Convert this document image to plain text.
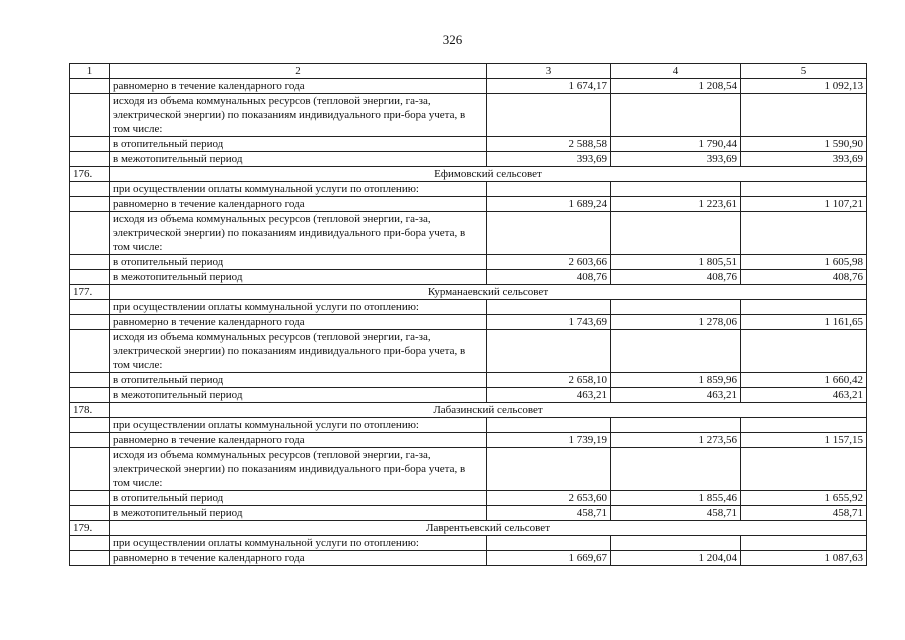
326
1	2	3	4	5
	равномерно в течение календарного года	1 674,17	1 208,54	1 092,13
	исходя из объема коммунальных ресурсов (тепловой энергии, га-за, электрической энергии) по показаниям индивидуального при-бора учета, в том числе:			
	в отопительный период	2 588,58	1 790,44	1 590,90
	в межотопительный период	393,69	393,69	393,69
176.	Ефимовский сельсовет			
	при осуществлении оплаты коммунальной услуги по отоплению:			
	равномерно в течение календарного года	1 689,24	1 223,61	1 107,21
	исходя из объема коммунальных ресурсов (тепловой энергии, га-за, электрической энергии) по показаниям индивидуального при-бора учета, в том числе:			
	в отопительный период	2 603,66	1 805,51	1 605,98
	в межотопительный период	408,76	408,76	408,76
177.	Курманаевский сельсовет			
	при осуществлении оплаты коммунальной услуги по отоплению:			
	равномерно в течение календарного года	1 743,69	1 278,06	1 161,65
	исходя из объема коммунальных ресурсов (тепловой энергии, га-за, электрической энергии) по показаниям индивидуального при-бора учета, в том числе:			
	в отопительный период	2 658,10	1 859,96	1 660,42
	в межотопительный период	463,21	463,21	463,21
178.	Лабазинский сельсовет			
	при осуществлении оплаты коммунальной услуги по отоплению:			
	равномерно в течение календарного года	1 739,19	1 273,56	1 157,15
	исходя из объема коммунальных ресурсов (тепловой энергии, га-за, электрической энергии) по показаниям индивидуального при-бора учета, в том числе:			
	в отопительный период	2 653,60	1 855,46	1 655,92
	в межотопительный период	458,71	458,71	458,71
179.	Лаврентьевский сельсовет			
	при осуществлении оплаты коммунальной услуги по отоплению:			
	равномерно в течение календарного года	1 669,67	1 204,04	1 087,63
